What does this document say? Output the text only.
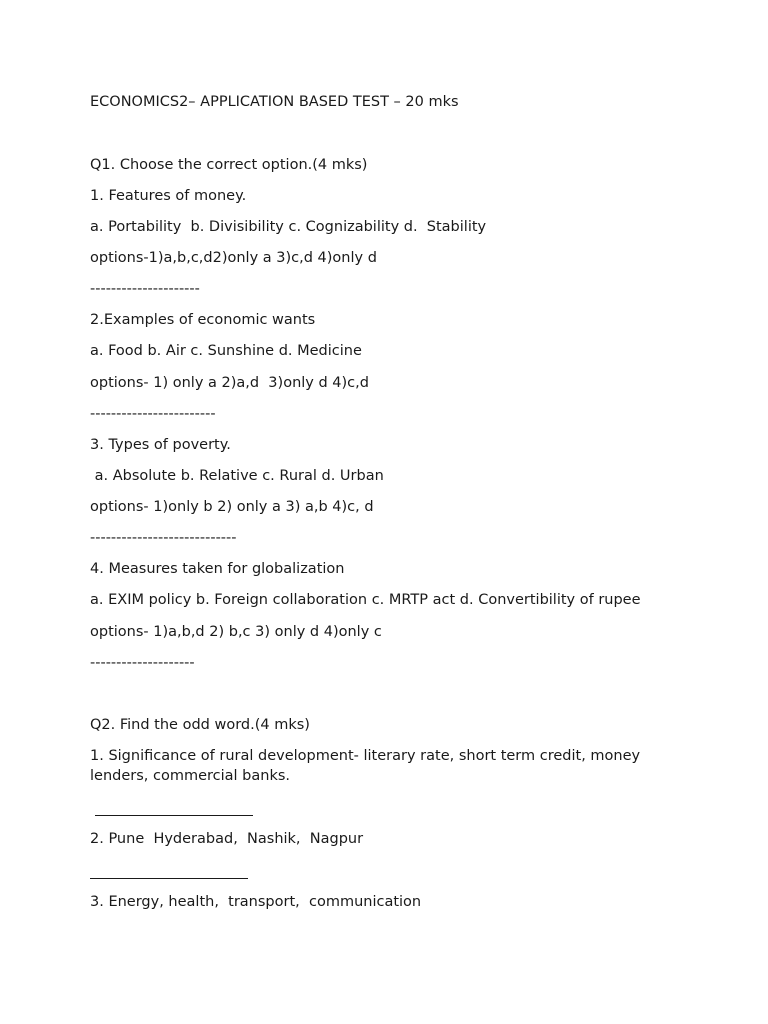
ECONOMICS2– APPLICATION BASED TEST – 20 mks
Q1. Choose the correct option.(4 mks)
1. Features of money.
a. Portability  b. Divisibility c. Cognizability d.  Stability
options-1)a,b,c,d2)only a 3)c,d 4)only d
---------------------
2.Examples of economic wants
a. Food b. Air c. Sunshine d. Medicine
options- 1) only a 2)a,d  3)only d 4)c,d
------------------------
3. Types of poverty.
a. Absolute b. Relative c. Rural d. Urban
options- 1)only b 2) only a 3) a,b 4)c, d
----------------------------
4. Measures taken for globalization
a. EXIM policy b. Foreign collaboration c. MRTP act d. Convertibility of rupee
options- 1)a,b,d 2) b,c 3) only d 4)only c
--------------------
Q2. Find the odd word.(4 mks)
1. Significance of rural development- literary rate, short term credit, money lenders, commercial banks.
2. Pune  Hyderabad,  Nashik,  Nagpur
3. Energy, health,  transport,  communication
